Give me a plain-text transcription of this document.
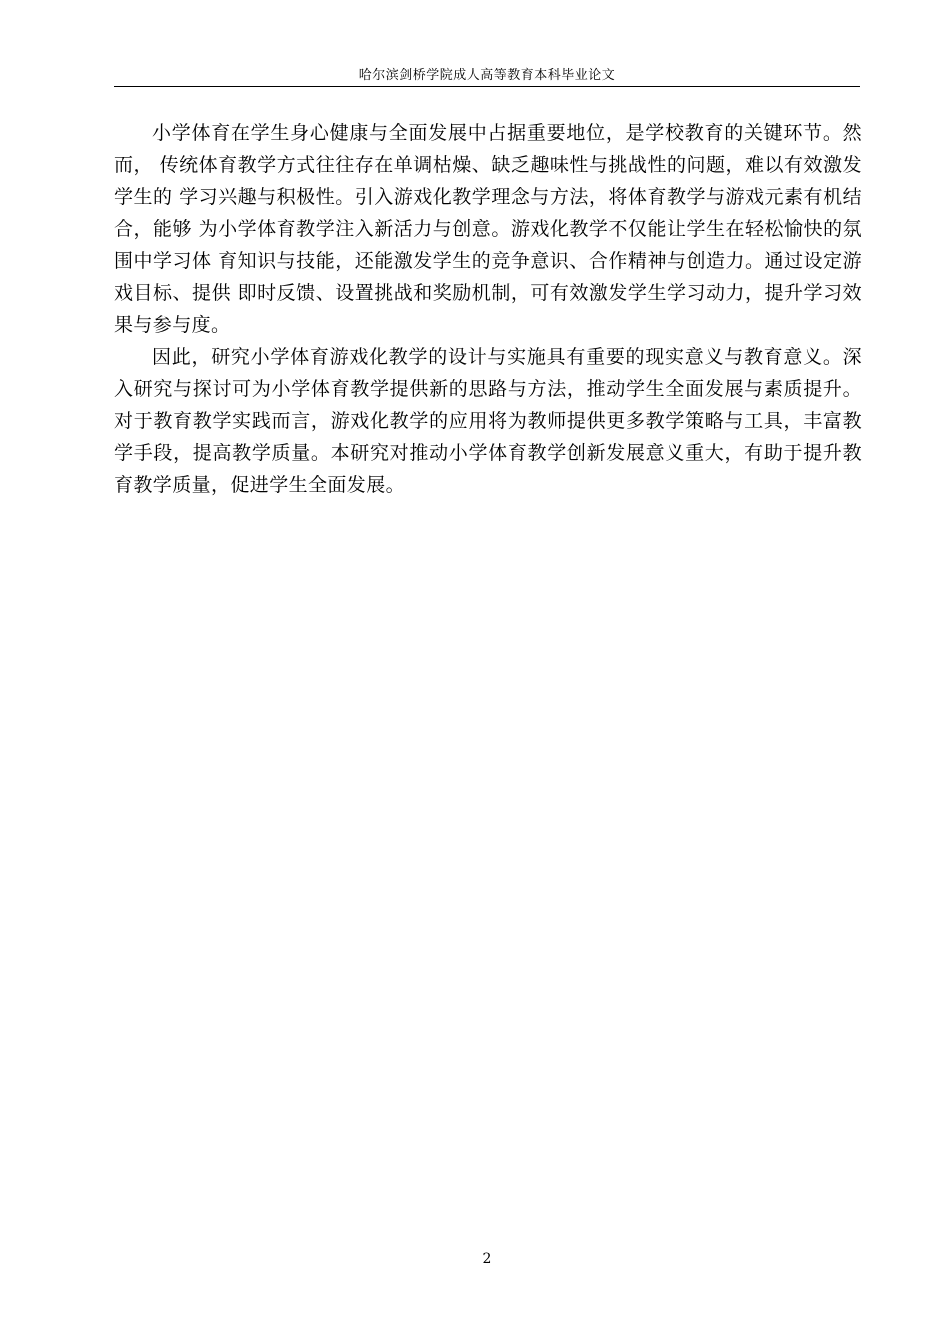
哈尔滨剑桥学院成人高等教育本科毕业论文

小学体育在学生身心健康与全面发展中占据重要地位，是学校教育的关键环节。然而， 传统体育教学方式往往存在单调枯燥、缺乏趣味性与挑战性的问题，难以有效激发学生的 学习兴趣与积极性。引入游戏化教学理念与方法，将体育教学与游戏元素有机结合，能够 为小学体育教学注入新活力与创意。游戏化教学不仅能让学生在轻松愉快的氛围中学习体 育知识与技能，还能激发学生的竞争意识、合作精神与创造力。通过设定游戏目标、提供 即时反馈、设置挑战和奖励机制，可有效激发学生学习动力，提升学习效果与参与度。

因此，研究小学体育游戏化教学的设计与实施具有重要的现实意义与教育意义。深入研究与探讨可为小学体育教学提供新的思路与方法，推动学生全面发展与素质提升。对于教育教学实践而言，游戏化教学的应用将为教师提供更多教学策略与工具，丰富教学手段，提高教学质量。本研究对推动小学体育教学创新发展意义重大，有助于提升教育教学质量，促进学生全面发展。

2
